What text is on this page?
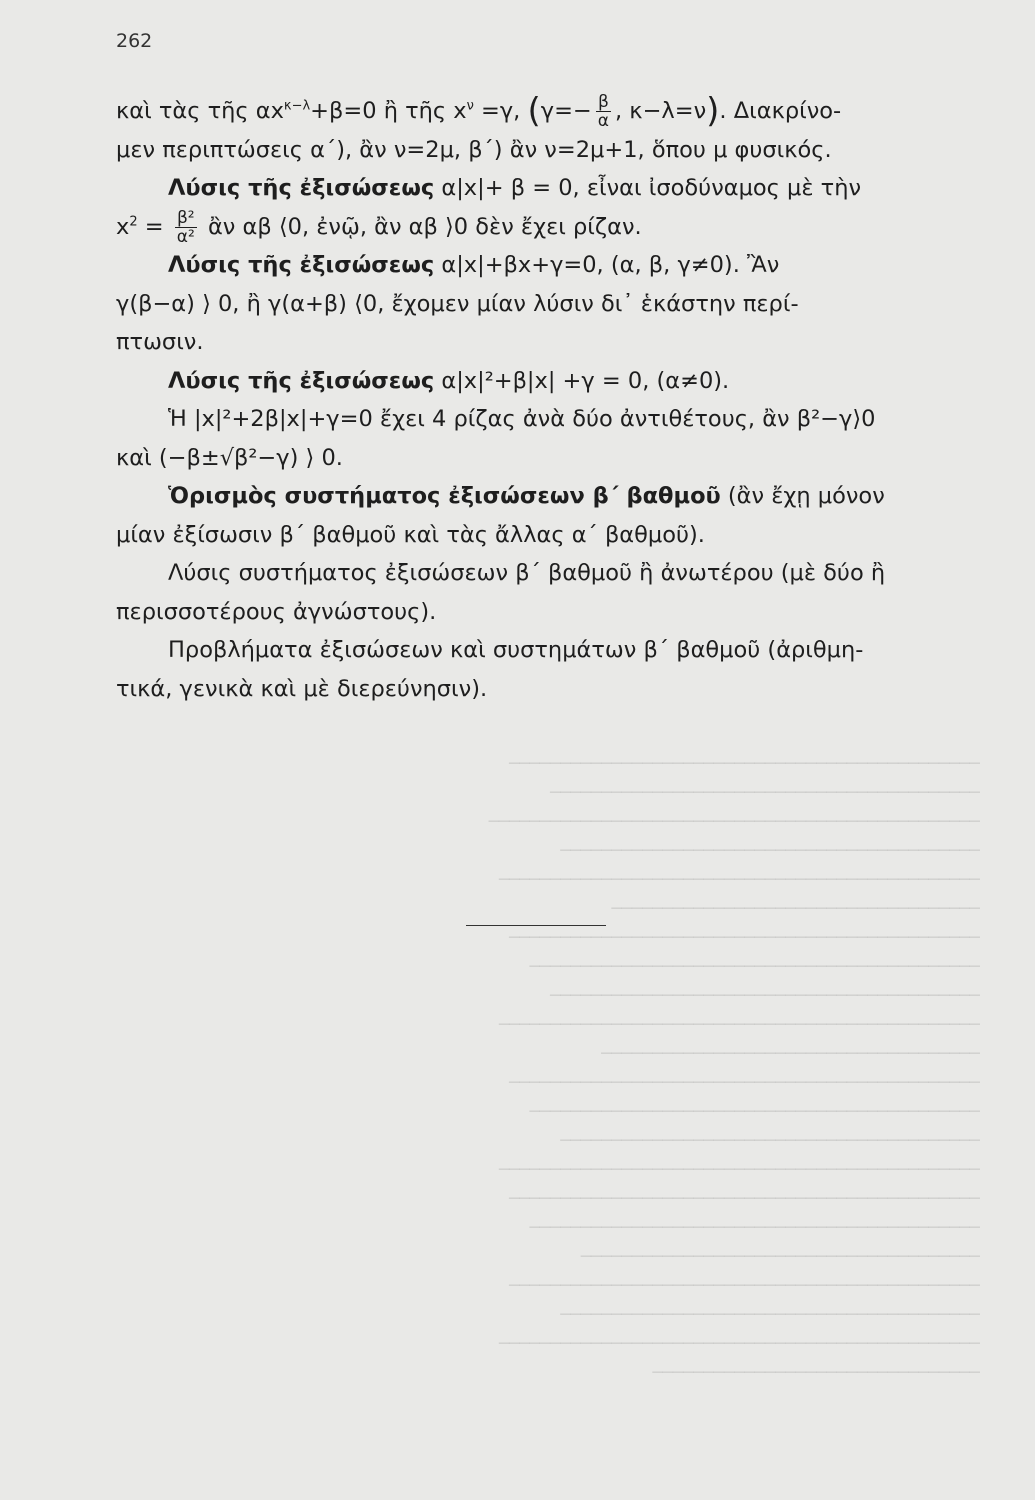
──────────────────────────────────────────────
──────────────────────────────────────────
────────────────────────────────────────────────
─────────────────────────────────────────
───────────────────────────────────────────────
────────────────────────────────────
──────────────────────────────────────────────
────────────────────────────────────────────
──────────────────────────────────────────
───────────────────────────────────────────────
─────────────────────────────────────
──────────────────────────────────────────────
────────────────────────────────────────────
─────────────────────────────────────────
───────────────────────────────────────────────
──────────────────────────────────────────────
────────────────────────────────────────────
───────────────────────────────────────
──────────────────────────────────────────────
─────────────────────────────────────────
───────────────────────────────────────────────
────────────────────────────────
262
καὶ τὰς τῆς $\alpha x^{\kappa-\lambda}+\beta=0$ ἢ τῆς $x^\nu =\gamma$, ($\gamma=- \frac{\beta}{\alpha}$ , κ−λ=ν). Διακρίνο-
μεν περιπτώσεις α΄), ἂν ν=2μ, β΄) ἂν ν=2μ+1, ὅπου μ φυσικός.
Λύσις τῆς ἐξισώσεως α|x|+ β = 0, εἶναι ἰσοδύναμος μὲ τὴν
$x^2 = \frac{\text{β²}}{\text{α²}}$ ἂν αβ ⟨0, ἐνῷ, ἂν αβ ⟩0 δὲν ἔχει ρίζαν.
Λύσις τῆς ἐξισώσεως α|x|+βx+γ=0, (α, β, γ≠0). Ἂν
γ(β−α) ⟩ 0, ἢ γ(α+β) ⟨0, ἔχομεν μίαν λύσιν δι᾽ ἑκάστην περί-
πτωσιν.
Λύσις τῆς ἐξισώσεως α|x|²+β|x| +γ = 0, (α≠0).
Ἡ |x|²+2β|x|+γ=0 ἔχει 4 ρίζας ἀνὰ δύο ἀντιθέτους, ἂν β²−γ⟩0
καὶ (−β±√β²−γ) ⟩ 0.
Ὁρισμὸς συστήματος ἐξισώσεων β΄ βαθμοῦ (ἂν ἔχῃ μόνον
μίαν ἐξίσωσιν β΄ βαθμοῦ καὶ τὰς ἄλλας α΄ βαθμοῦ).
Λύσις συστήματος ἐξισώσεων β΄ βαθμοῦ ἢ ἀνωτέρου (μὲ δύο ἢ
περισσοτέρους ἀγνώστους).
Προβλήματα ἐξισώσεων καὶ συστημάτων β΄ βαθμοῦ (ἀριθμη-
τικά, γενικὰ καὶ μὲ διερεύνησιν).
